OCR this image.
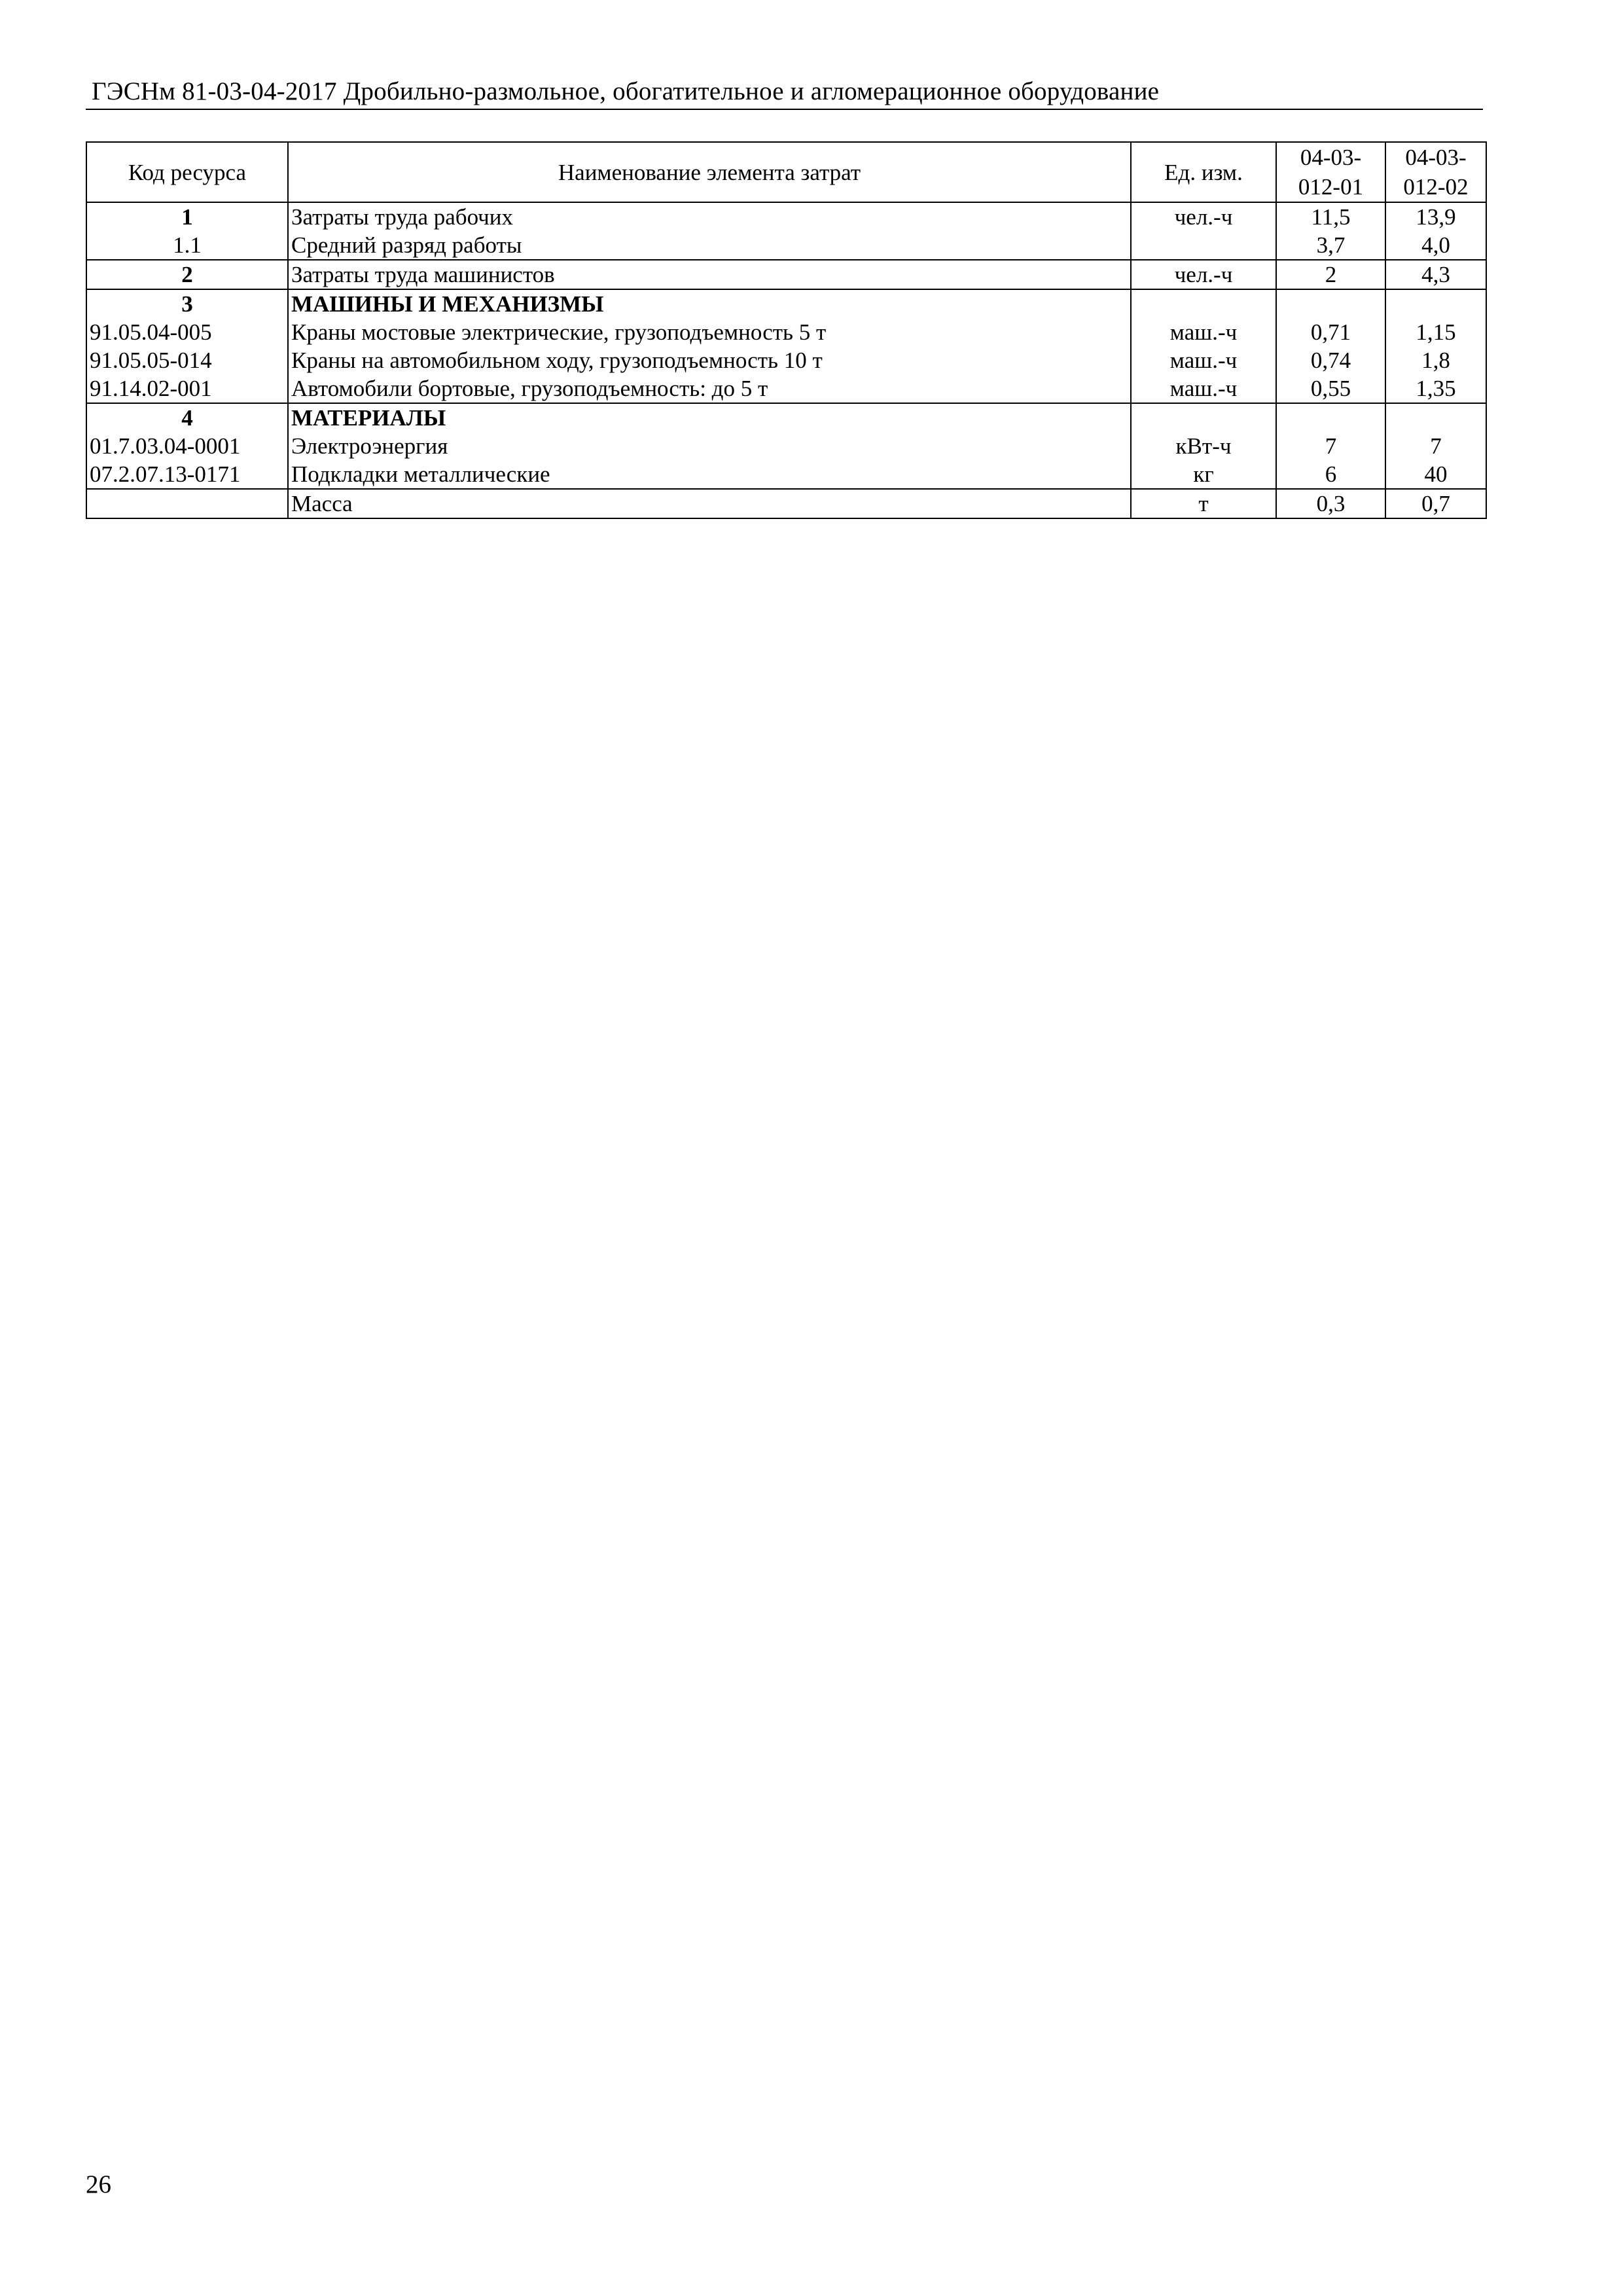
ГЭСНм 81-03-04-2017 Дробильно-размольное, обогатительное и агломерационное оборудование
Код ресурса	Наименование элемента затрат	Ед. изм.	04-03-	04-03-
			012-01	012-02
1	Затраты труда рабочих	чел.-ч	11,5	13,9
1.1	Средний разряд работы		3,7	4,0
2	Затраты труда машинистов	чел.-ч	2	4,3
3	МАШИНЫ И МЕХАНИЗМЫ			
91.05.04-005	Краны мостовые электрические, грузоподъемность 5 т	маш.-ч	0,71	1,15
91.05.05-014	Краны на автомобильном ходу, грузоподъемность 10 т	маш.-ч	0,74	1,8
91.14.02-001	Автомобили бортовые, грузоподъемность: до 5 т	маш.-ч	0,55	1,35
4	МАТЕРИАЛЫ			
01.7.03.04-0001	Электроэнергия	кВт-ч	7	7
07.2.07.13-0171	Подкладки металлические	кг	6	40
	Масса	т	0,3	0,7
26
